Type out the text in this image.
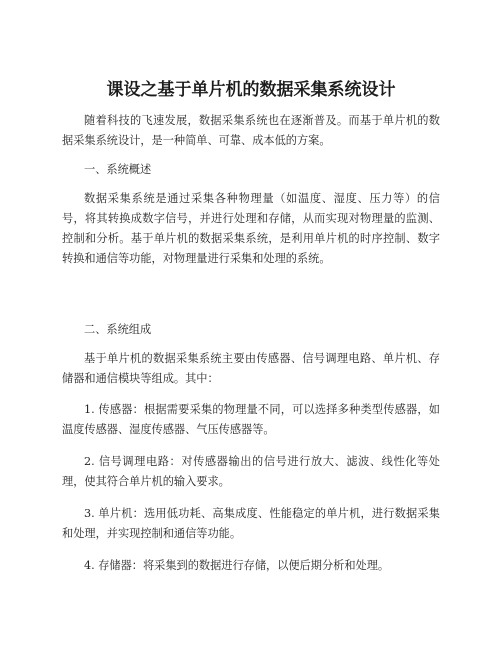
课设之基于单片机的数据采集系统设计
随着科技的飞速发展，数据采集系统也在逐渐普及。而基于单片机的数据采集系统设计，是一种简单、可靠、成本低的方案。
一、系统概述
数据采集系统是通过采集各种物理量（如温度、湿度、压力等）的信号，将其转换成数字信号，并进行处理和存储，从而实现对物理量的监测、控制和分析。基于单片机的数据采集系统，是利用单片机的时序控制、数字转换和通信等功能，对物理量进行采集和处理的系统。
二、系统组成
基于单片机的数据采集系统主要由传感器、信号调理电路、单片机、存储器和通信模块等组成。其中：
1. 传感器：根据需要采集的物理量不同，可以选择多种类型传感器，如温度传感器、湿度传感器、气压传感器等。
2. 信号调理电路：对传感器输出的信号进行放大、滤波、线性化等处理，使其符合单片机的输入要求。
3. 单片机：选用低功耗、高集成度、性能稳定的单片机，进行数据采集和处理，并实现控制和通信等功能。
4. 存储器：将采集到的数据进行存储，以便后期分析和处理。
